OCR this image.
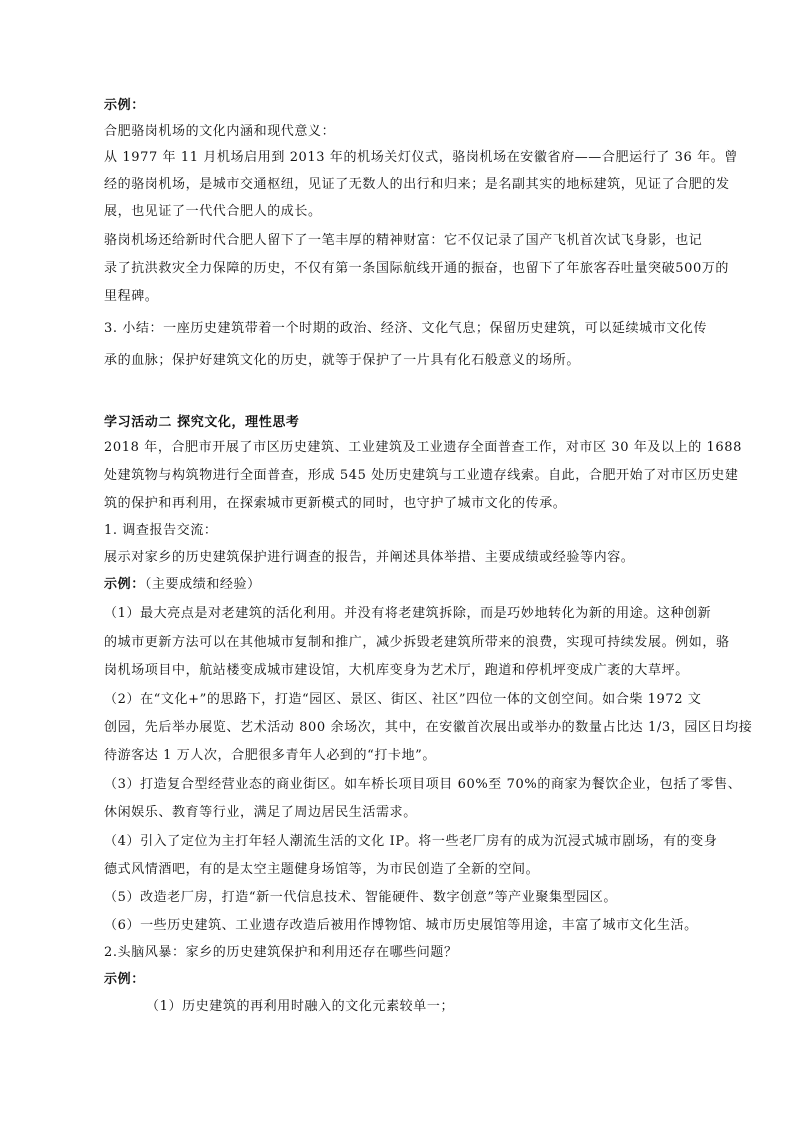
示例：
合肥骆岗机场的文化内涵和现代意义：
从 1977 年 11 月机场启用到 2013 年的机场关灯仪式，骆岗机场在安徽省府——合肥运行了 36 年。曾
经的骆岗机场，是城市交通枢纽，见证了无数人的出行和归来；是名副其实的地标建筑，见证了合肥的发
展，也见证了一代代合肥人的成长。
骆岗机场还给新时代合肥人留下了一笔丰厚的精神财富：它不仅记录了国产飞机首次试飞身影，也记
录了抗洪救灾全力保障的历史，不仅有第一条国际航线开通的振奋，也留下了年旅客吞吐量突破500万的
里程碑。
3. 小结：一座历史建筑带着一个时期的政治、经济、文化气息；保留历史建筑，可以延续城市文化传
承的血脉；保护好建筑文化的历史，就等于保护了一片具有化石般意义的场所。
学习活动二 探究文化，理性思考
2018 年，合肥市开展了市区历史建筑、工业建筑及工业遗存全面普查工作，对市区 30 年及以上的 1688
处建筑物与构筑物进行全面普查，形成 545 处历史建筑与工业遗存线索。自此，合肥开始了对市区历史建
筑的保护和再利用，在探索城市更新模式的同时，也守护了城市文化的传承。
1. 调查报告交流：
展示对家乡的历史建筑保护进行调查的报告，并阐述具体举措、主要成绩或经验等内容。
示例：（主要成绩和经验）
（1）最大亮点是对老建筑的活化利用。并没有将老建筑拆除，而是巧妙地转化为新的用途。这种创新
的城市更新方法可以在其他城市复制和推广，减少拆毁老建筑所带来的浪费，实现可持续发展。例如，骆
岗机场项目中，航站楼变成城市建设馆，大机库变身为艺术厅，跑道和停机坪变成广袤的大草坪。
（2）在“文化+”的思路下，打造“园区、景区、街区、社区”四位一体的文创空间。如合柴 1972 文
创园，先后举办展览、艺术活动 800 余场次，其中，在安徽首次展出或举办的数量占比达 1/3，园区日均接
待游客达 1 万人次，合肥很多青年人必到的“打卡地”。
（3）打造复合型经营业态的商业街区。如车桥长项目项目 60%至 70%的商家为餐饮企业，包括了零售、
休闲娱乐、教育等行业，满足了周边居民生活需求。
（4）引入了定位为主打年轻人潮流生活的文化 IP。将一些老厂房有的成为沉浸式城市剧场，有的变身
德式风情酒吧，有的是太空主题健身场馆等，为市民创造了全新的空间。
（5）改造老厂房，打造“新一代信息技术、智能硬件、数字创意”等产业聚集型园区。
（6）一些历史建筑、工业遗存改造后被用作博物馆、城市历史展馆等用途，丰富了城市文化生活。
2.头脑风暴：家乡的历史建筑保护和利用还存在哪些问题？
示例：
（1）历史建筑的再利用时融入的文化元素较单一；
